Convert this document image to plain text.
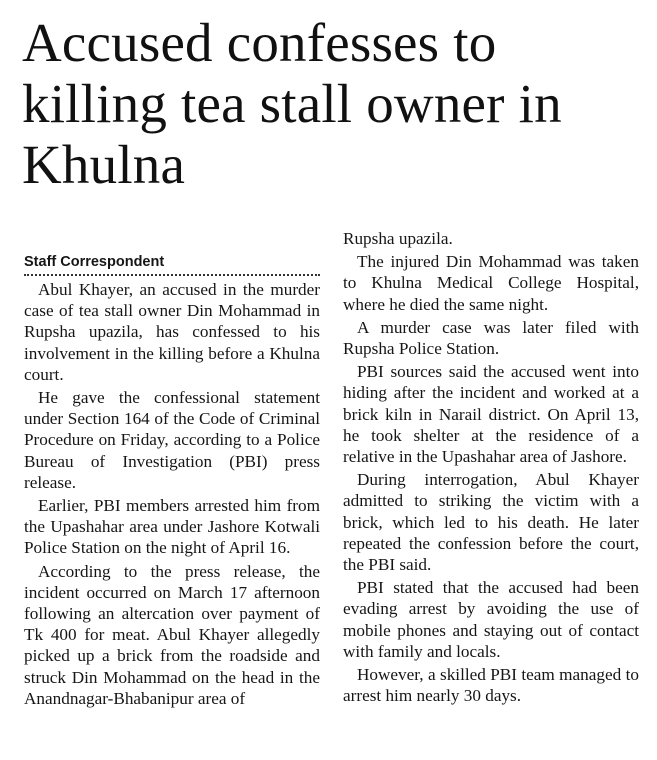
Accused confesses to killing tea stall owner in Khulna
Staff Correspondent

Abul Khayer, an accused in the murder case of tea stall owner Din Mohammad in Rupsha upazila, has confessed to his involvement in the killing before a Khulna court.

He gave the confessional statement under Section 164 of the Code of Criminal Procedure on Friday, according to a Police Bureau of Investigation (PBI) press release.

Earlier, PBI members arrested him from the Upashahar area under Jashore Kotwali Police Station on the night of April 16.

According to the press release, the incident occurred on March 17 afternoon following an altercation over payment of Tk 400 for meat. Abul Khayer allegedly picked up a brick from the roadside and struck Din Mohammad on the head in the Anandnagar-Bhabanipur area of

Rupsha upazila.

The injured Din Mohammad was taken to Khulna Medical College Hospital, where he died the same night.

A murder case was later filed with Rupsha Police Station.

PBI sources said the accused went into hiding after the incident and worked at a brick kiln in Narail district. On April 13, he took shelter at the residence of a relative in the Upashahar area of Jashore.

During interrogation, Abul Khayer admitted to striking the victim with a brick, which led to his death. He later repeated the confession before the court, the PBI said.

PBI stated that the accused had been evading arrest by avoiding the use of mobile phones and staying out of contact with family and locals.

However, a skilled PBI team managed to arrest him nearly 30 days.
